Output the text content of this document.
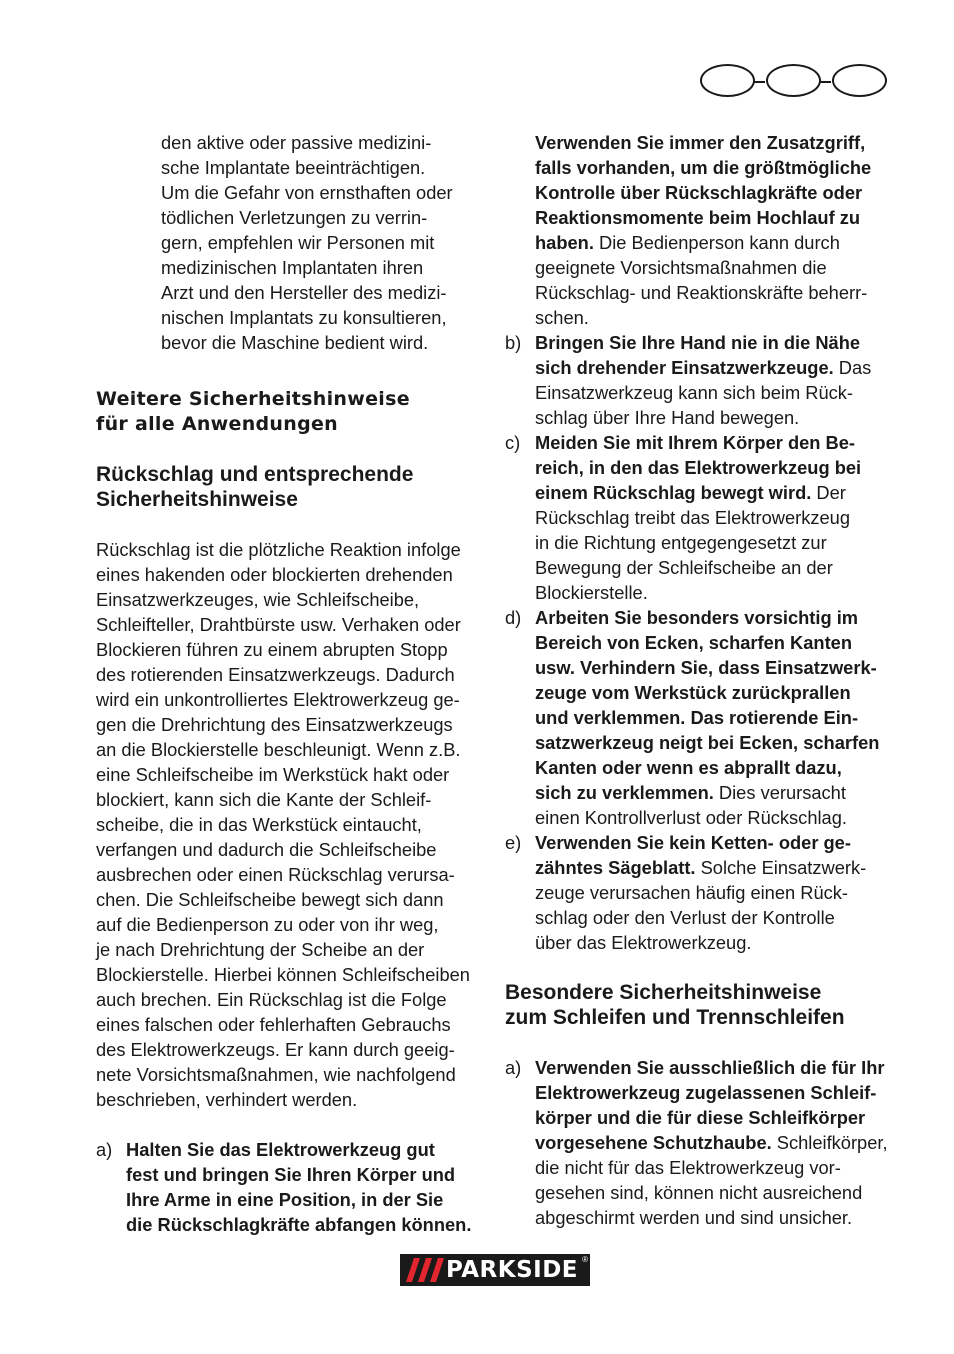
den aktive oder passive medizini-

sche Implantate beeinträchtigen.

Um die Gefahr von ernsthaften oder

tödlichen Verletzungen zu verrin-

gern, empfehlen wir Personen mit

medizinischen Implantaten ihren

Arzt und den Hersteller des medizi-

nischen Implantats zu konsultieren,

bevor die Maschine bedient wird.

Weitere Sicherheitshinweise

für alle Anwendungen

Rückschlag und entsprechende

Sicherheitshinweise

Rückschlag ist die plötzliche Reaktion infolge

eines hakenden oder blockierten drehenden

Einsatzwerkzeuges, wie Schleifscheibe,

Schleifteller, Drahtbürste usw. Verhaken oder

Blockieren führen zu einem abrupten Stopp

des rotierenden Einsatzwerkzeugs. Dadurch

wird ein unkontrolliertes Elektrowerkzeug ge-

gen die Drehrichtung des Einsatzwerkzeugs

an die Blockierstelle beschleunigt. Wenn z.B.

eine Schleifscheibe im Werkstück hakt oder

blockiert, kann sich die Kante der Schleif-

scheibe, die in das Werkstück eintaucht,

verfangen und dadurch die Schleifscheibe

ausbrechen oder einen Rückschlag verursa-

chen. Die Schleifscheibe bewegt sich dann

auf die Bedienperson zu oder von ihr weg,

je nach Drehrichtung der Scheibe an der

Blockierstelle. Hierbei können Schleifscheiben

auch brechen. Ein Rückschlag ist die Folge

eines falschen oder fehlerhaften Gebrauchs

des Elektrowerkzeugs. Er kann durch geeig-

nete Vorsichtsmaßnahmen, wie nachfolgend

beschrieben, verhindert werden.

a) Halten Sie das Elektrowerkzeug gut

fest und bringen Sie Ihren Körper und

Ihre Arme in eine Position, in der Sie

die Rückschlagkräfte abfangen können.

Verwenden Sie immer den Zusatzgriff,

falls vorhanden, um die größtmögliche

Kontrolle über Rückschlagkräfte oder

Reaktionsmomente beim Hochlauf zu

haben. Die Bedienperson kann durch

geeignete Vorsichtsmaßnahmen die

Rückschlag- und Reaktionskräfte beherr-

schen.

b) Bringen Sie Ihre Hand nie in die Nähe

sich drehender Einsatzwerkzeuge. Das

Einsatzwerkzeug kann sich beim Rück-

schlag über Ihre Hand bewegen.

c) Meiden Sie mit Ihrem Körper den Be-

reich, in den das Elektrowerkzeug bei

einem Rückschlag bewegt wird. Der

Rückschlag treibt das Elektrowerkzeug

in die Richtung entgegengesetzt zur

Bewegung der Schleifscheibe an der

Blockierstelle.

d) Arbeiten Sie besonders vorsichtig im

Bereich von Ecken, scharfen Kanten

usw. Verhindern Sie, dass Einsatzwerk-

zeuge vom Werkstück zurückprallen

und verklemmen. Das rotierende Ein-

satzwerkzeug neigt bei Ecken, scharfen

Kanten oder wenn es abprallt dazu,

sich zu verklemmen. Dies verursacht

einen Kontrollverlust oder Rückschlag.

e) Verwenden Sie kein Ketten- oder ge-

zähntes Sägeblatt. Solche Einsatzwerk-

zeuge verursachen häufig einen Rück-

schlag oder den Verlust der Kontrolle

über das Elektrowerkzeug.

Besondere Sicherheitshinweise

zum Schleifen und Trennschleifen

a) Verwenden Sie ausschließlich die für Ihr

Elektrowerkzeug zugelassenen Schleif-

körper und die für diese Schleifkörper

vorgesehene Schutzhaube. Schleifkörper,

die nicht für das Elektrowerkzeug vor-

gesehen sind, können nicht ausreichend

abgeschirmt werden und sind unsicher.

PARKSIDE ®
